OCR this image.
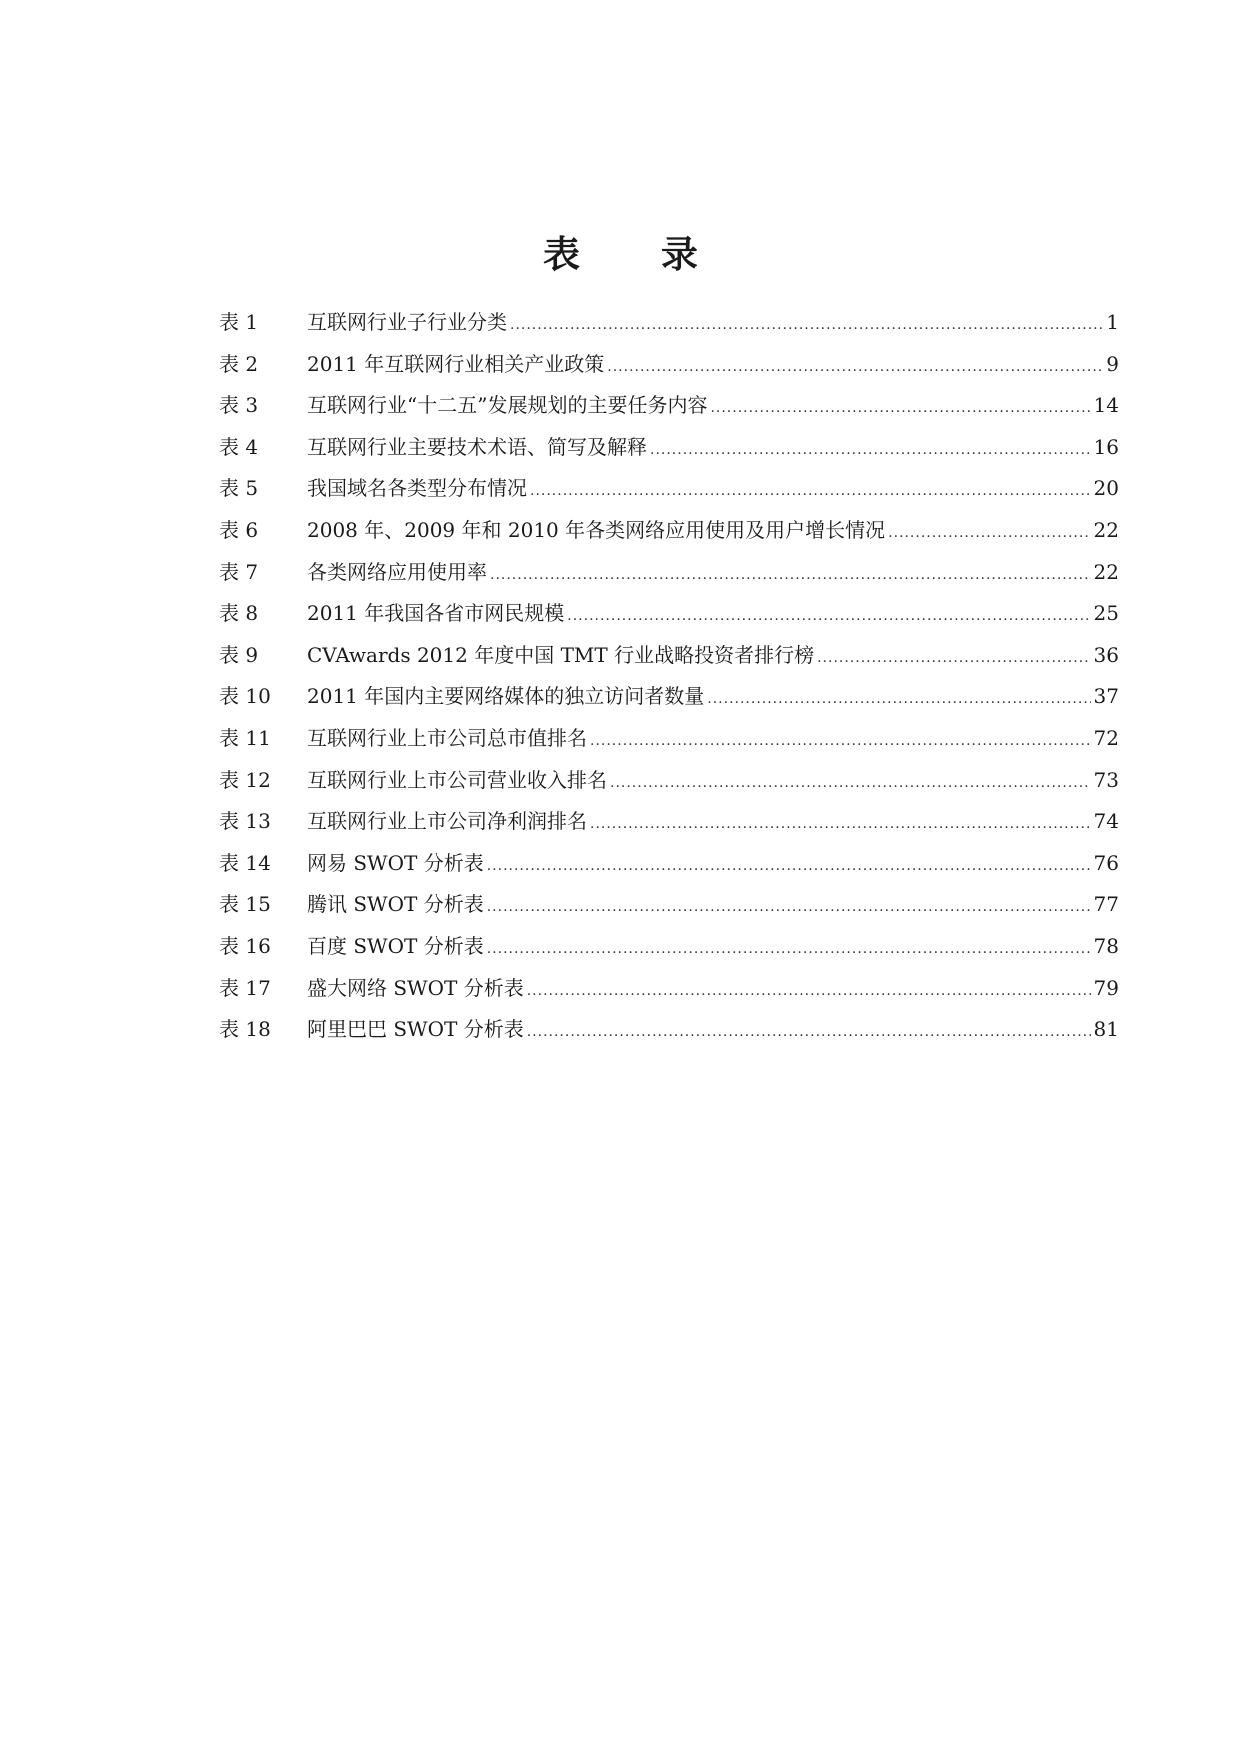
表 录
表 1	互联网行业子行业分类 .....	1
表 2	2011 年互联网行业相关产业政策 .....	9
表 3	互联网行业“十二五”发展规划的主要任务内容 .....	14
表 4	互联网行业主要技术术语、简写及解释 .....	16
表 5	我国域名各类型分布情况 .....	20
表 6	2008 年、2009 年和 2010 年各类网络应用使用及用户增长情况 .....	22
表 7	各类网络应用使用率 .....	22
表 8	2011 年我国各省市网民规模 .....	25
表 9	CVAwards 2012 年度中国 TMT 行业战略投资者排行榜 .....	36
表 10	2011 年国内主要网络媒体的独立访问者数量 .....	37
表 11	互联网行业上市公司总市值排名 .....	72
表 12	互联网行业上市公司营业收入排名 .....	73
表 13	互联网行业上市公司净利润排名 .....	74
表 14	网易 SWOT 分析表 .....	76
表 15	腾讯 SWOT 分析表 .....	77
表 16	百度 SWOT 分析表 .....	78
表 17	盛大网络 SWOT 分析表 .....	79
表 18	阿里巴巴 SWOT 分析表 .....	81
